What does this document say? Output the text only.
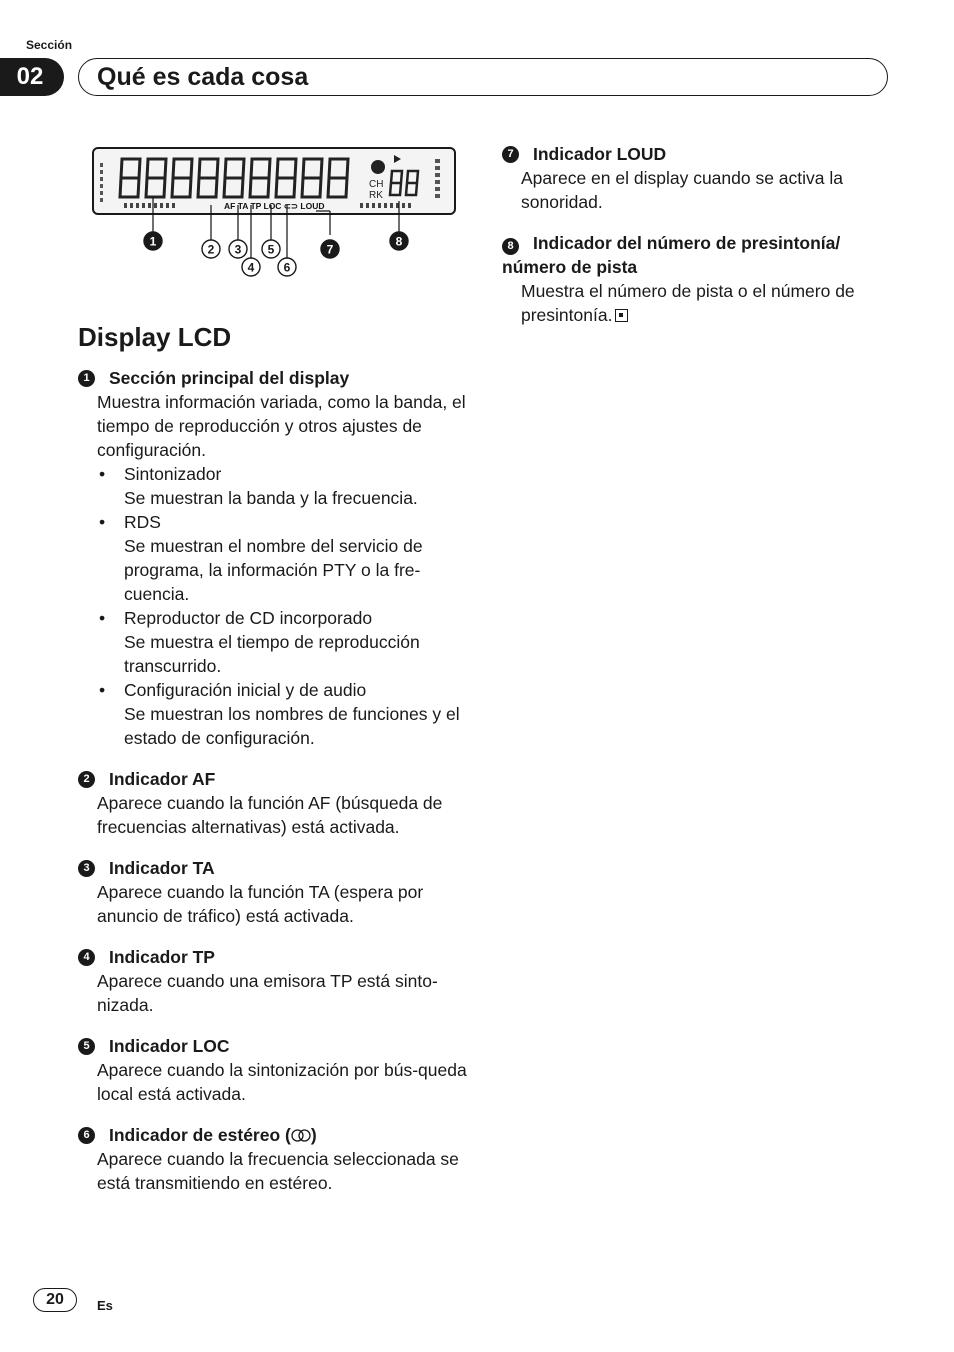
Sección
02	Qué es cada cosa
CH
RK
AF TA TP LOC ⊂⊃ LOUD
1
2 3
4
5
6
7
8
Display LCD
1	Sección principal del display
Muestra información variada, como la banda, el tiempo de reproducción y otros ajustes de configuración.
•	Sintonizador
Se muestran la banda y la frecuencia.
•	RDS
Se muestran el nombre del servicio de programa, la información PTY o la fre-cuencia.
•	Reproductor de CD incorporado
Se muestra el tiempo de reproducción transcurrido.
•	Configuración inicial y de audio
Se muestran los nombres de funciones y el estado de configuración.
2	Indicador AF
Aparece cuando la función AF (búsqueda de frecuencias alternativas) está activada.
3	Indicador TA
Aparece cuando la función TA (espera por anuncio de tráfico) está activada.
4	Indicador TP
Aparece cuando una emisora TP está sinto-nizada.
5	Indicador LOC
Aparece cuando la sintonización por bús-queda local está activada.
6	Indicador de estéreo ( )
Aparece cuando la frecuencia seleccionada se está transmitiendo en estéreo.
7	Indicador LOUD
Aparece en el display cuando se activa la sonoridad.
8 Indicador del número de presintonía/ número de pista
Muestra el número de pista o el número de presintonía.
20	Es
